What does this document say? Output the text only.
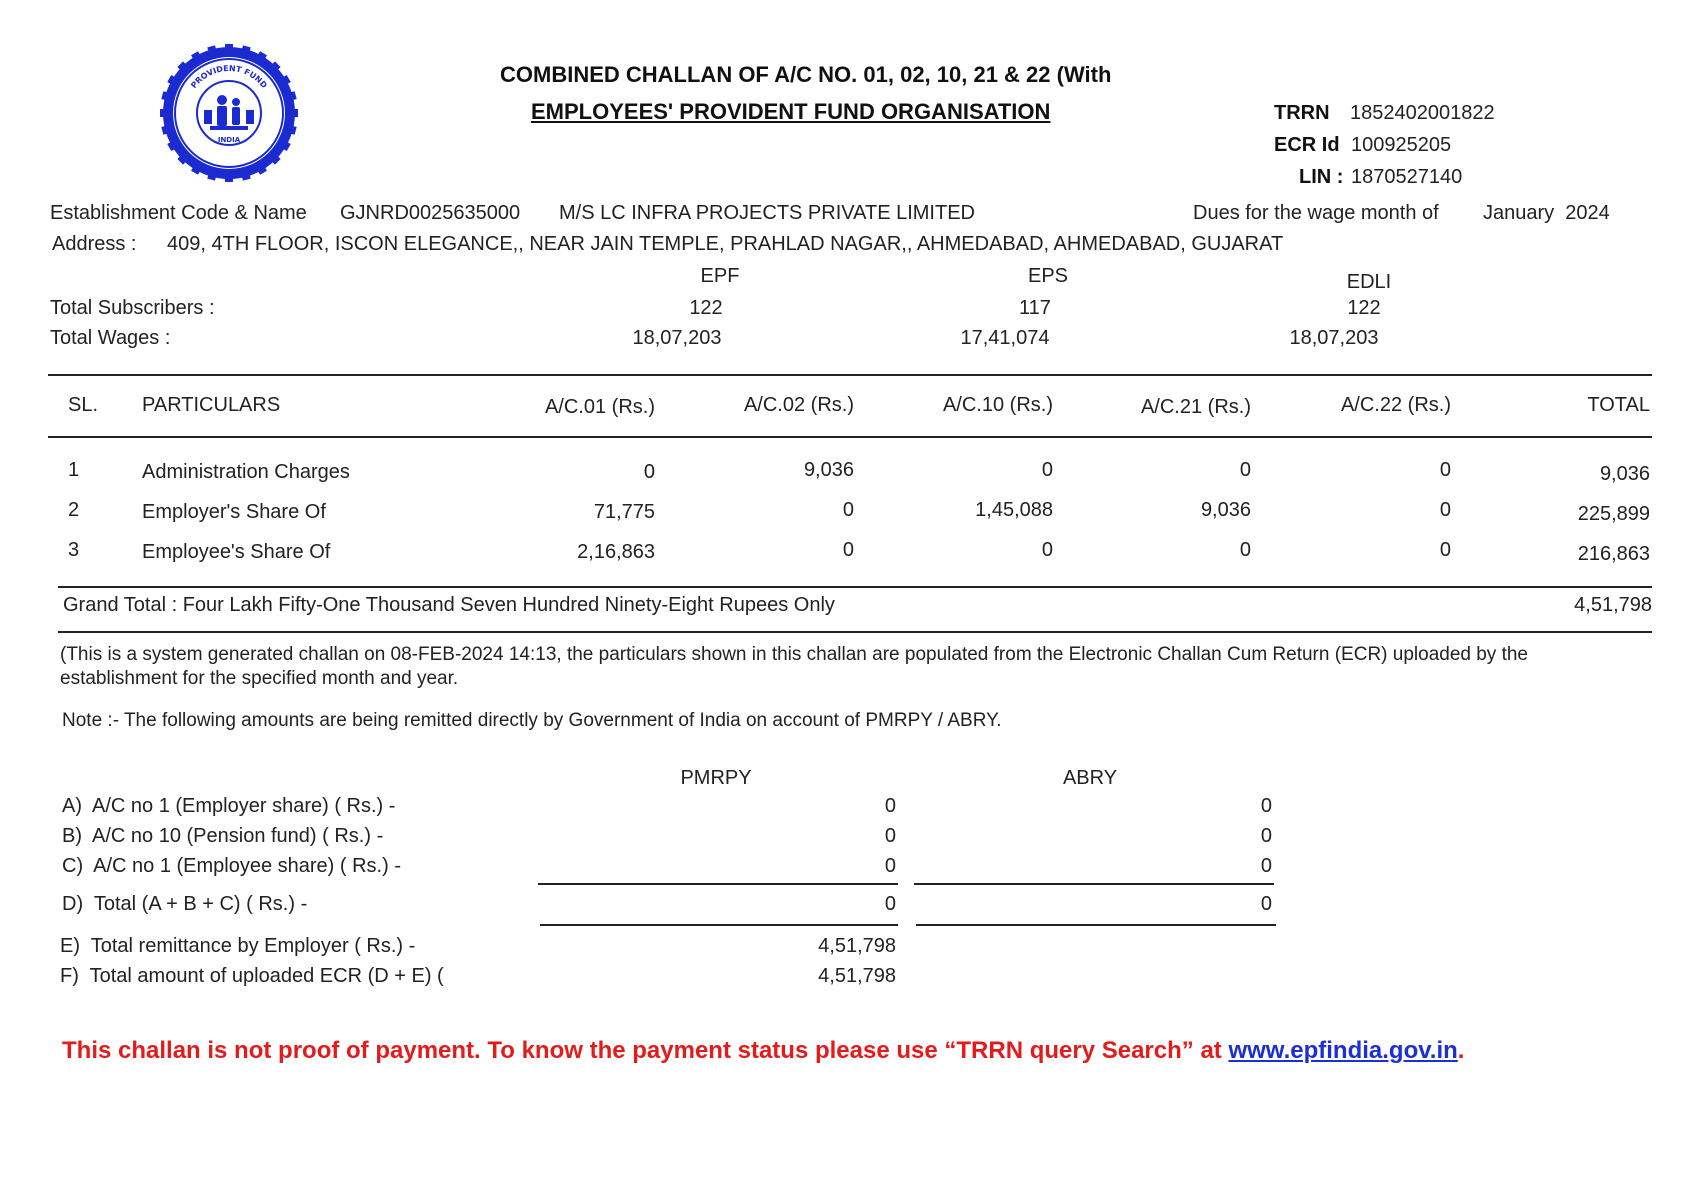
PROVIDENT FUND
INDIA
COMBINED CHALLAN OF A/C NO. 01, 02, 10, 21 & 22 (With
EMPLOYEES' PROVIDENT FUND ORGANISATION	TRRN 1852402001822
ECR Id 100925205
LIN : 1870527140
Establishment Code & Name GJNRD0025635000 M/S LC INFRA PROJECTS PRIVATE LIMITED	Dues for the wage month of January  2024
Address : 409, 4TH FLOOR, ISCON ELEGANCE,, NEAR JAIN TEMPLE, PRAHLAD NAGAR,, AHMEDABAD, AHMEDABAD, GUJARAT
EPF	EPS	EDLI
Total Subscribers :	122	117	122
Total Wages :	18,07,203	17,41,074	18,07,203
SL. PARTICULARS	A/C.01 (Rs.)	A/C.02 (Rs.)	A/C.10 (Rs.)	A/C.21 (Rs.)	A/C.22 (Rs.)	TOTAL
1	Administration Charges	0	9,036	0	0	0	9,036
2	Employer's Share Of	71,775	0	1,45,088	9,036	0	225,899
3	Employee's Share Of	2,16,863	0	0	0	0	216,863
Grand Total : Four Lakh Fifty-One Thousand Seven Hundred Ninety-Eight Rupees Only	4,51,798
(This is a system generated challan on 08-FEB-2024 14:13, the particulars shown in this challan are populated from the Electronic Challan Cum Return (ECR) uploaded by the
establishment for the specified month and year.
Note :- The following amounts are being remitted directly by Government of India on account of PMRPY / ABRY.
PMRPY	ABRY
A)  A/C no 1 (Employer share) ( Rs.) -	0	0
B)  A/C no 10 (Pension fund) ( Rs.) -	0	0
C)  A/C no 1 (Employee share) ( Rs.) -	0	0
D)  Total (A + B + C) ( Rs.) -	0	0
E)  Total remittance by Employer ( Rs.) -	4,51,798
F)  Total amount of uploaded ECR (D + E) (	4,51,798
This challan is not proof of payment. To know the payment status please use “TRRN query Search” at www.epfindia.gov.in.
